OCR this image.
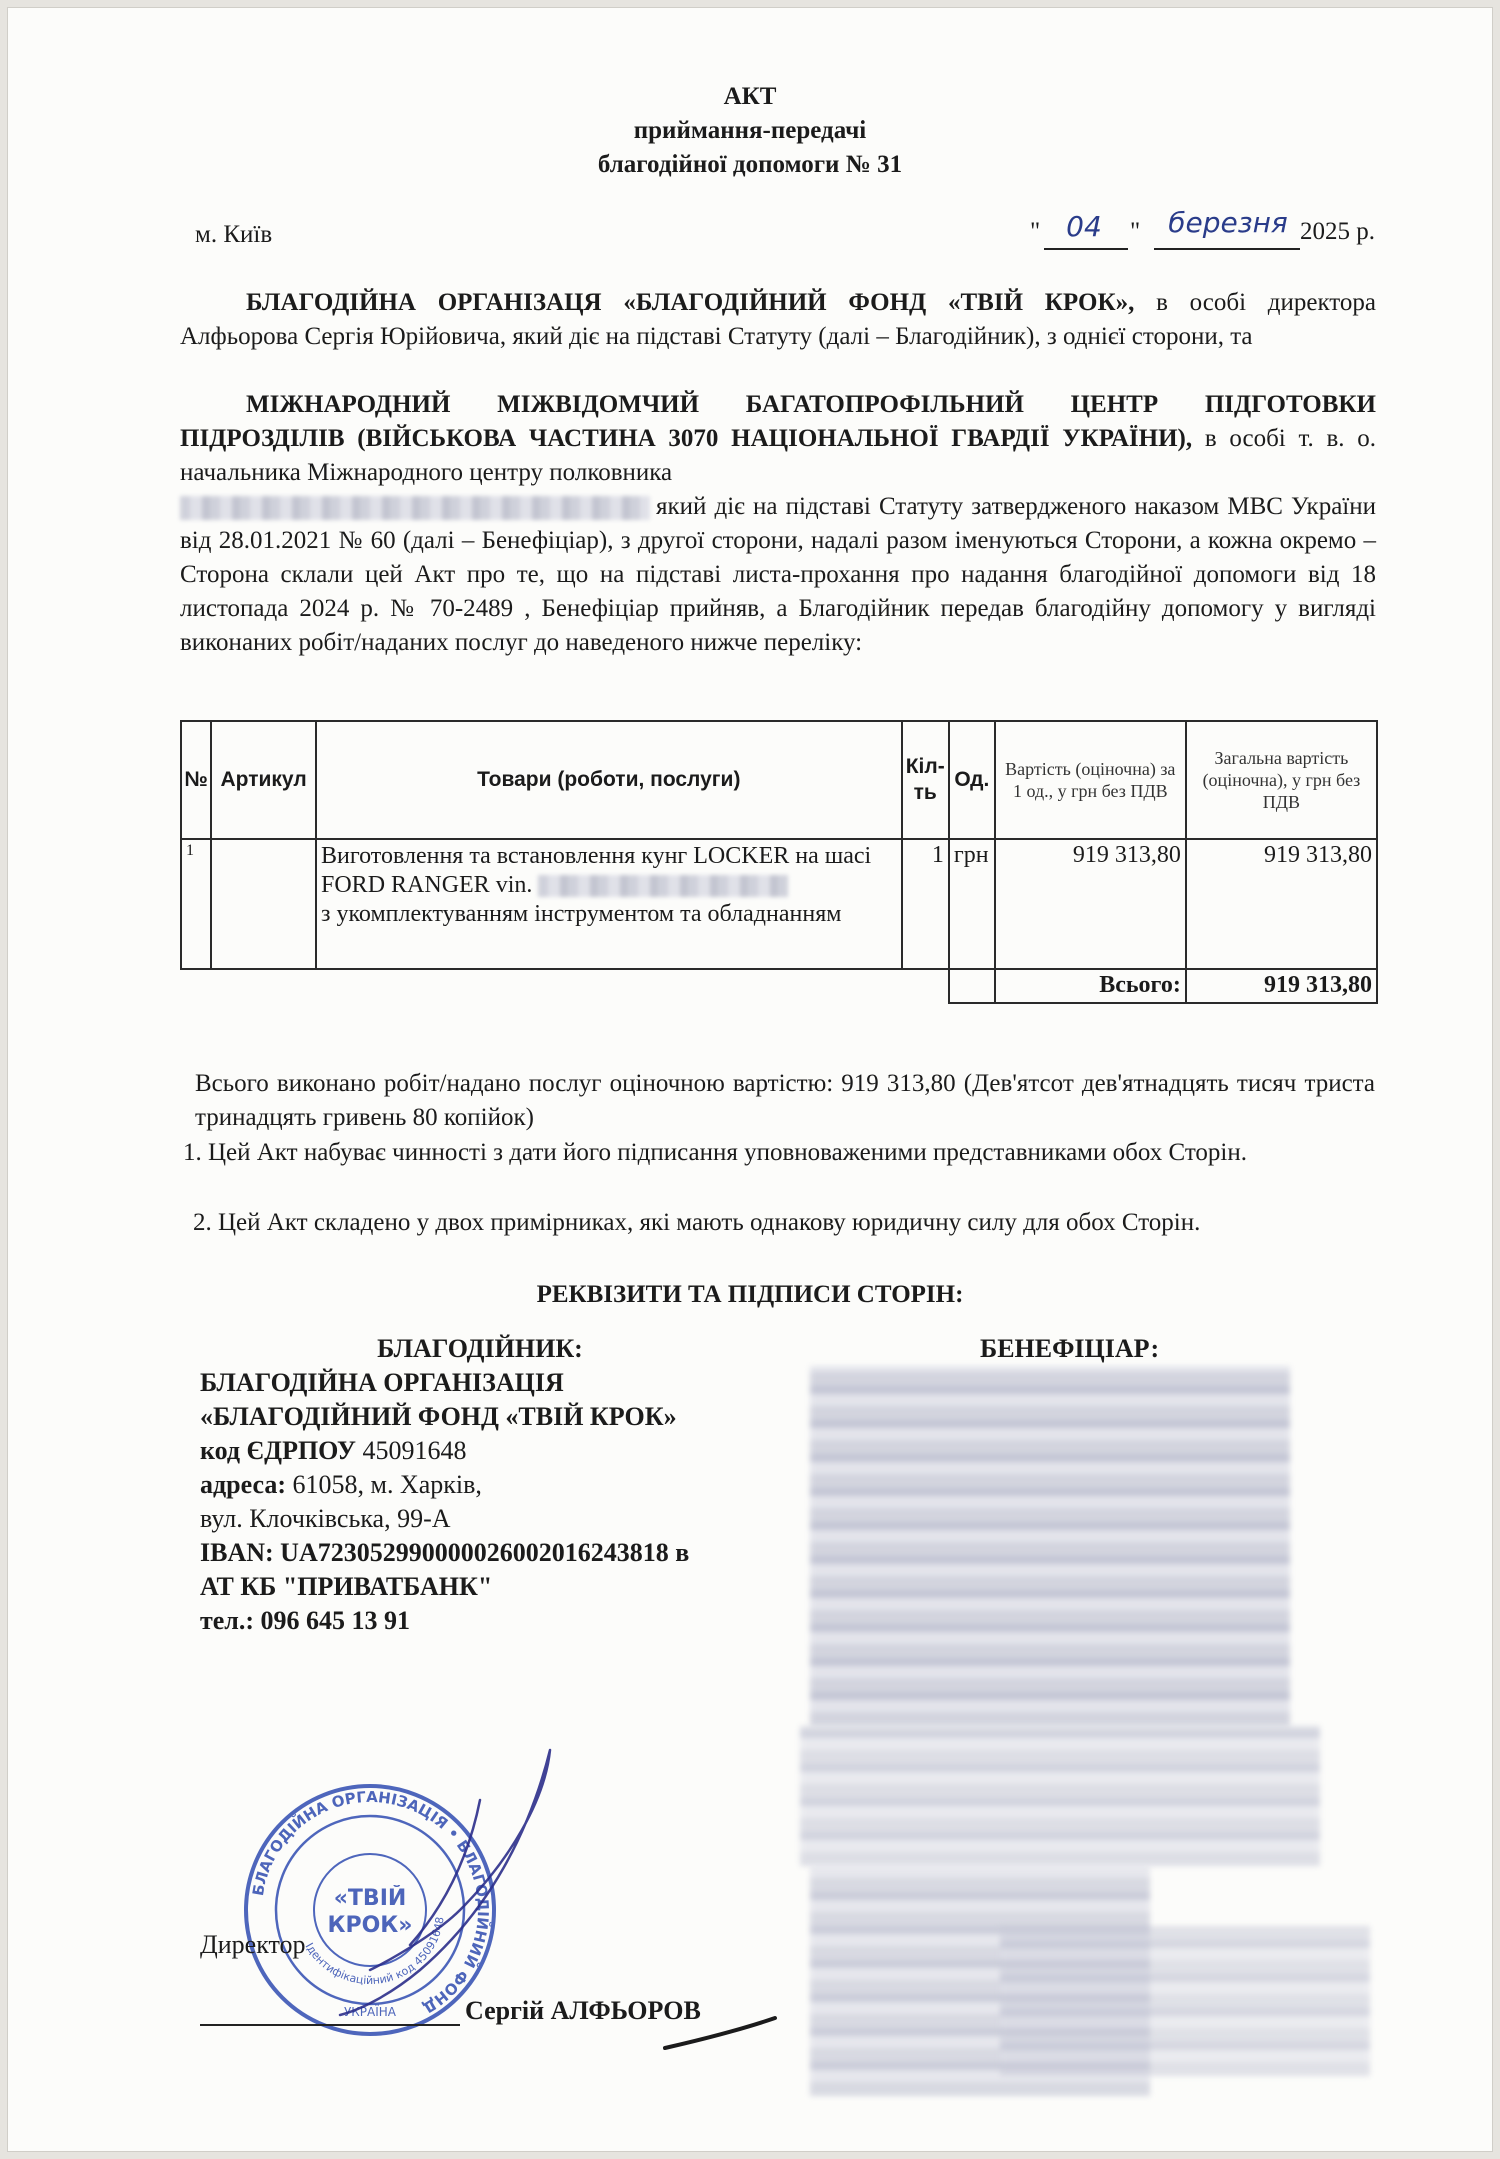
АКТ
приймання-передачі
благодійної допомоги № 31
м. Київ	" 04	"	березня 2025 р.
БЛАГОДІЙНА ОРГАНІЗАЦЯ «БЛАГОДІЙНИЙ ФОНД «ТВІЙ КРОК», в особі директора Алфьорова Сергія Юрійовича, який діє на підставі Статуту (далі – Благодійник), з однієї сторони, та
МІЖНАРОДНИЙ МІЖВІДОМЧИЙ БАГАТОПРОФІЛЬНИЙ ЦЕНТР ПІДГОТОВКИ ПІДРОЗДІЛІВ (ВІЙСЬКОВА ЧАСТИНА 3070 НАЦІОНАЛЬНОЇ ГВАРДІЇ УКРАЇНИ), в особі т. в. о. начальника Міжнародного центру полковника
який діє на підставі Статуту затвердженого наказом МВС України від 28.01.2021 № 60 (далі – Бенефіціар), з другої сторони, надалі разом іменуються Сторони, а кожна окремо – Сторона склали цей Акт про те, що на підставі листа-прохання про надання благодійної допомоги від 18 листопада 2024 р. № 70-2489 , Бенефіціар прийняв, а Благодійник передав благодійну допомогу у вигляді виконаних робіт/наданих послуг до наведеного нижче переліку:
№	Артикул	Товари (роботи, послуги)	Кіл-ть	Од.	Вартість (оціночна) за 1 од., у грн без ПДВ	Загальна вартість (оціночна), у грн без ПДВ
1		Виготовлення та встановлення кунг LOCKER на шасі FORD RANGER vin.
з укомплектуванням інструментом та обладнанням	1	грн	919 313,80	919 313,80
					Всього:	919 313,80
Всього виконано робіт/надано послуг оціночною вартістю: 919 313,80 (Дев'ятсот дев'ятнадцять тисяч триста тринадцять гривень 80 копійок)
1. Цей Акт набуває чинності з дати його підписання уповноваженими представниками обох Сторін.
2. Цей Акт складено у двох примірниках, які мають однакову юридичну силу для обох Сторін.
РЕКВІЗИТИ ТА ПІДПИСИ СТОРІН:
БЛАГОДІЙНИК:
БЛАГОДІЙНА ОРГАНІЗАЦІЯ
«БЛАГОДІЙНИЙ ФОНД «ТВІЙ КРОК»
код ЄДРПОУ 45091648
адреса: 61058, м. Харків,
вул. Клочківська, 99-А
IBAN: UA723052990000026002016243818 в
АТ КБ "ПРИВАТБАНК"
тел.: 096 645 13 91
БЕНЕФІЦІАР:
БЛАГОДІЙНА ОРГАНІЗАЦІЯ • БЛАГОДІЙНИЙ ФОНД
Ідентифікаційний код 45091648
«ТВІЙ
КРОК»
УКРАЇНА
Директор
Сергій АЛФЬОРОВ
